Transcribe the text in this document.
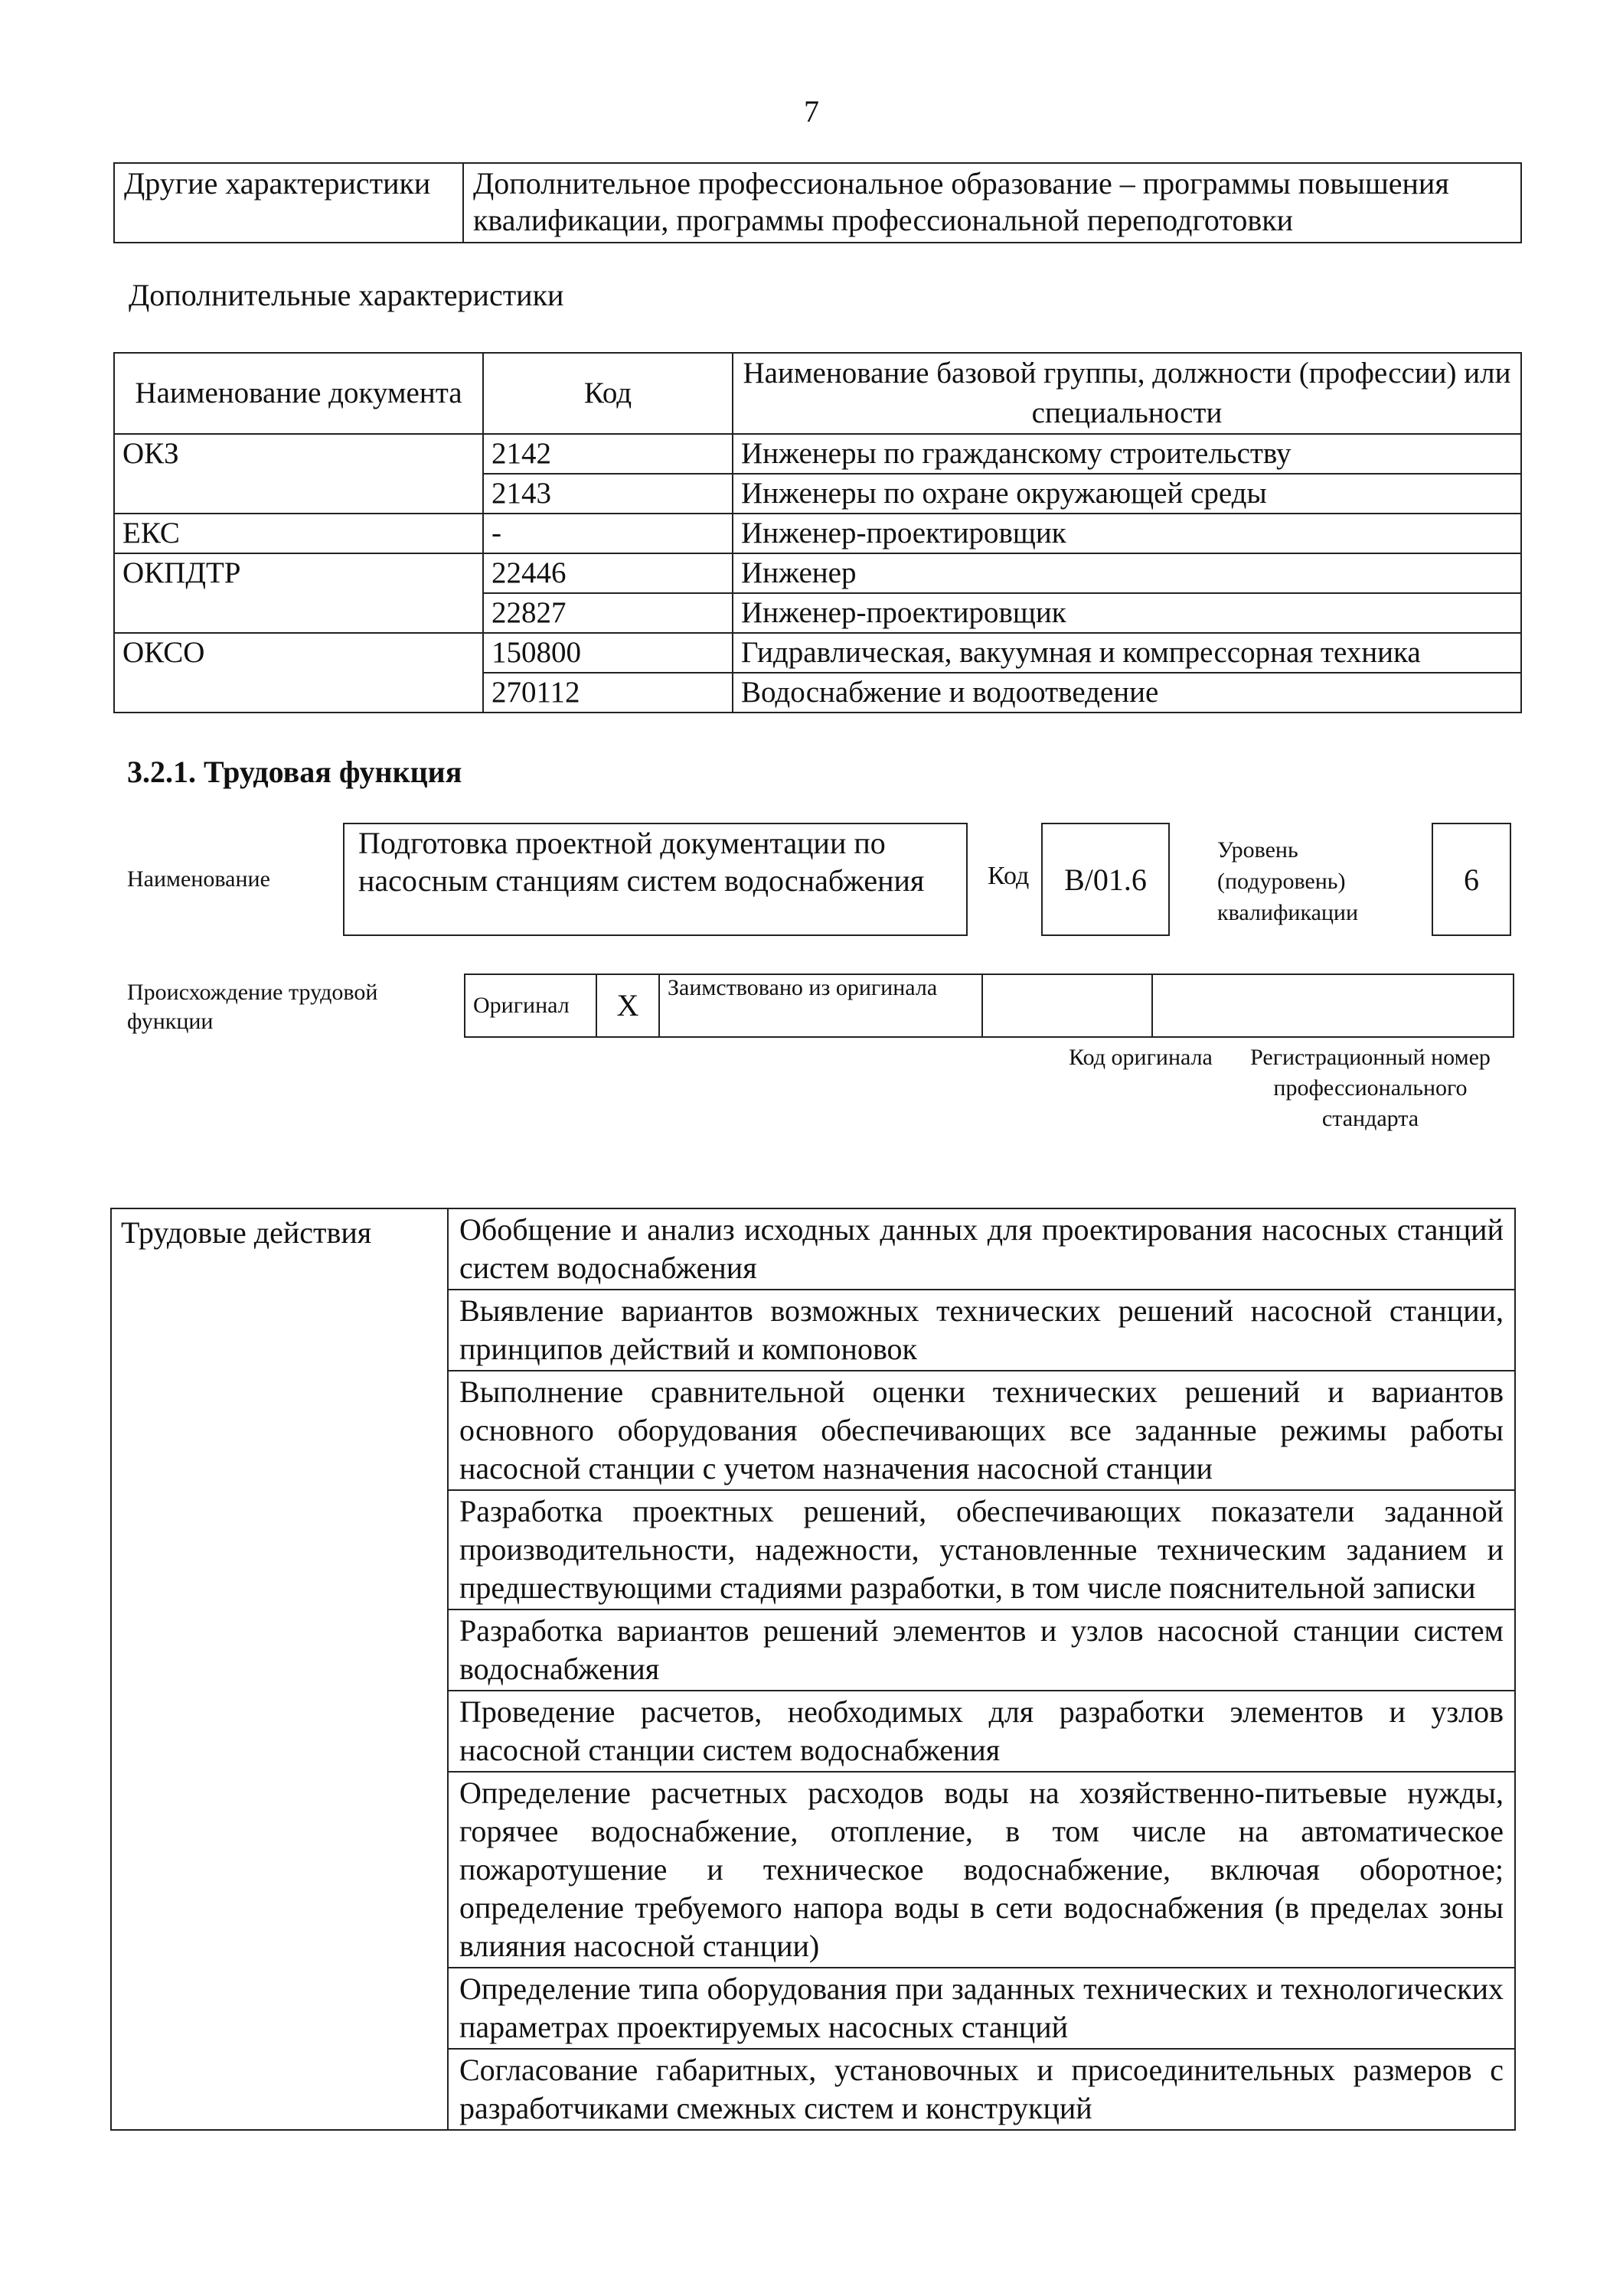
7
Другие характеристики	Дополнительное профессиональное образование – программы повышения квалификации, программы профессиональной переподготовки
Дополнительные характеристики
Наименование документа	Код	Наименование базовой группы, должности (профессии) или специальности
ОКЗ	2142	Инженеры по гражданскому строительству
	2143	Инженеры по охране окружающей среды
ЕКС	-	Инженер-проектировщик
ОКПДТР	22446	Инженер
	22827	Инженер-проектировщик
ОКСО	150800	Гидравлическая, вакуумная и компрессорная техника
	270112	Водоснабжение и водоотведение
3.2.1. Трудовая функция
Наименование
Подготовка проектной документации по насосным станциям систем водоснабжения	Код	B/01.6
Уровень (подуровень) квалификации
6
Происхождение трудовой функции
Оригинал	X	Заимствовано из оригинала		
Код оригинала	Регистрационный номер профессионального стандарта
Трудовые действия	Обобщение и анализ исходных данных для проектирования насосных станций систем водоснабжения
Выявление вариантов возможных технических решений насосной станции, принципов действий и компоновок
Выполнение сравнительной оценки технических решений и вариантов основного оборудования обеспечивающих все заданные режимы работы насосной станции с учетом назначения насосной станции
Разработка проектных решений, обеспечивающих показатели заданной производительности, надежности, установленные техническим заданием и предшествующими стадиями разработки, в том числе пояснительной записки
Разработка вариантов решений элементов и узлов насосной станции систем водоснабжения
Проведение расчетов, необходимых для разработки элементов и узлов насосной станции систем водоснабжения
Определение расчетных расходов воды на хозяйственно-питьевые нужды, горячее водоснабжение, отопление, в том числе на автоматическое пожаротушение и техническое водоснабжение, включая оборотное; определение требуемого напора воды в сети водоснабжения (в пределах зоны влияния насосной станции)
Определение типа оборудования при заданных технических и технологических параметрах проектируемых насосных станций
Согласование габаритных, установочных и присоединительных размеров с разработчиками смежных систем и конструкций
